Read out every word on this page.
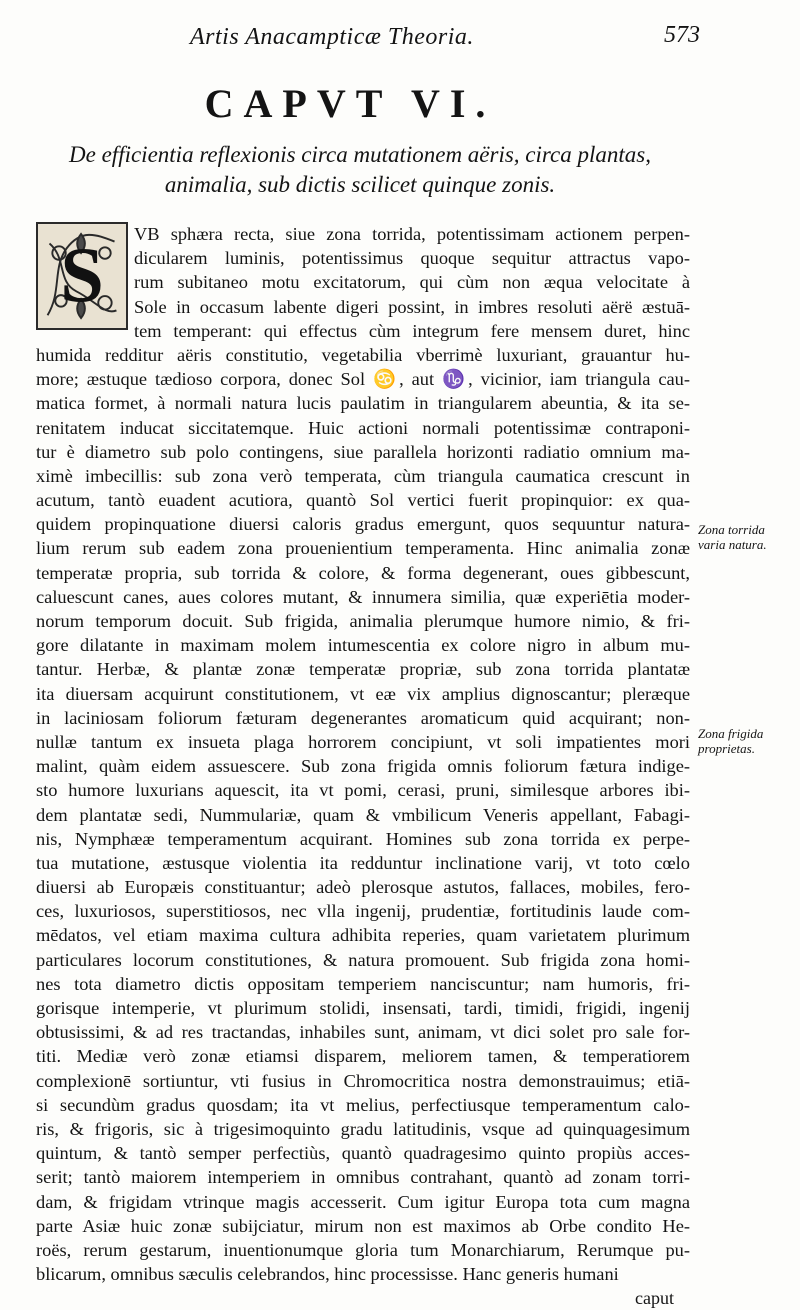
Artis Anacampticæ Theoria.	573
CAPVT VI.
De efficientia reflexionis circa mutationem aëris, circa plantas,
animalia, sub dictis scilicet quinque zonis.
S	VB sphæra recta, siue zona torrida, potentissimam actionem perpen-
dicularem luminis, potentissimus quoque sequitur attractus vapo-
rum subitaneo motu excitatorum, qui cùm non æqua velocitate à
Sole in occasum labente digeri possint, in imbres resoluti aërë æstuā-
tem temperant: qui effectus cùm integrum fere mensem duret, hinc
humida redditur aëris constitutio, vegetabilia vberrimè luxuriant, grauantur hu-
more; æstuque tædioso corpora, donec Sol ♋, aut ♑, vicinior, iam triangula cau-
matica formet, à normali natura lucis paulatim in triangularem abeuntia, & ita se-
renitatem inducat siccitatemque. Huic actioni normali potentissimæ contraponi-
tur è diametro sub polo contingens, siue parallela horizonti radiatio omnium ma-
ximè imbecillis: sub zona verò temperata, cùm triangula caumatica crescunt in
acutum, tantò euadent acutiora, quantò Sol vertici fuerit propinquior: ex qua-
quidem propinquatione diuersi caloris gradus emergunt, quos sequuntur natura-
lium rerum sub eadem zona prouenientium temperamenta. Hinc animalia zonæ
temperatæ propria, sub torrida & colore, & forma degenerant, oues gibbescunt,
caluescunt canes, aues colores mutant, & innumera similia, quæ experiētia moder-
norum temporum docuit. Sub frigida, animalia plerumque humore nimio, & fri-
gore dilatante in maximam molem intumescentia ex colore nigro in album mu-
tantur. Herbæ, & plantæ zonæ temperatæ propriæ, sub zona torrida plantatæ
ita diuersam acquirunt constitutionem, vt eæ vix amplius dignoscantur; pleræque
in laciniosam foliorum fæturam degenerantes aromaticum quid acquirant; non-
nullæ tantum ex insueta plaga horrorem concipiunt, vt soli impatientes mori
malint, quàm eidem assuescere. Sub zona frigida omnis foliorum fætura indige-
sto humore luxurians aquescit, ita vt pomi, cerasi, pruni, similesque arbores ibi-
dem plantatæ sedi, Nummulariæ, quam & vmbilicum Veneris appellant, Fabagi-
nis, Nymphææ temperamentum acquirant. Homines sub zona torrida ex perpe-
tua mutatione, æstusque violentia ita redduntur inclinatione varij, vt toto cœlo
diuersi ab Europæis constituantur; adeò plerosque astutos, fallaces, mobiles, fero-
ces, luxuriosos, superstitiosos, nec vlla ingenij, prudentiæ, fortitudinis laude com-
mēdatos, vel etiam maxima cultura adhibita reperies, quam varietatem plurimum
particulares locorum constitutiones, & natura promouent. Sub frigida zona homi-
nes tota diametro dictis oppositam temperiem nanciscuntur; nam humoris, fri-
gorisque intemperie, vt plurimum stolidi, insensati, tardi, timidi, frigidi, ingenij
obtusissimi, & ad res tractandas, inhabiles sunt, animam, vt dici solet pro sale for-
titi. Mediæ verò zonæ etiamsi disparem, meliorem tamen, & temperatiorem
complexionē sortiuntur, vti fusius in Chromocritica nostra demonstrauimus; etiā-
si secundùm gradus quosdam; ita vt melius, perfectiusque temperamentum calo-
ris, & frigoris, sic à trigesimoquinto gradu latitudinis, vsque ad quinquagesimum
quintum, & tantò semper perfectiùs, quantò quadragesimo quinto propiùs acces-
serit; tantò maiorem intemperiem in omnibus contrahant, quantò ad zonam torri-
dam, & frigidam vtrinque magis accesserit. Cum igitur Europa tota cum magna
parte Asiæ huic zonæ subijciatur, mirum non est maximos ab Orbe condito He-
roës, rerum gestarum, inuentionumque gloria tum Monarchiarum, Rerumque pu-
blicarum, omnibus sæculis celebrandos, hinc processisse. Hanc generis humani
caput
Zona torrida
varia natura.
Zona frigida
proprietas.
